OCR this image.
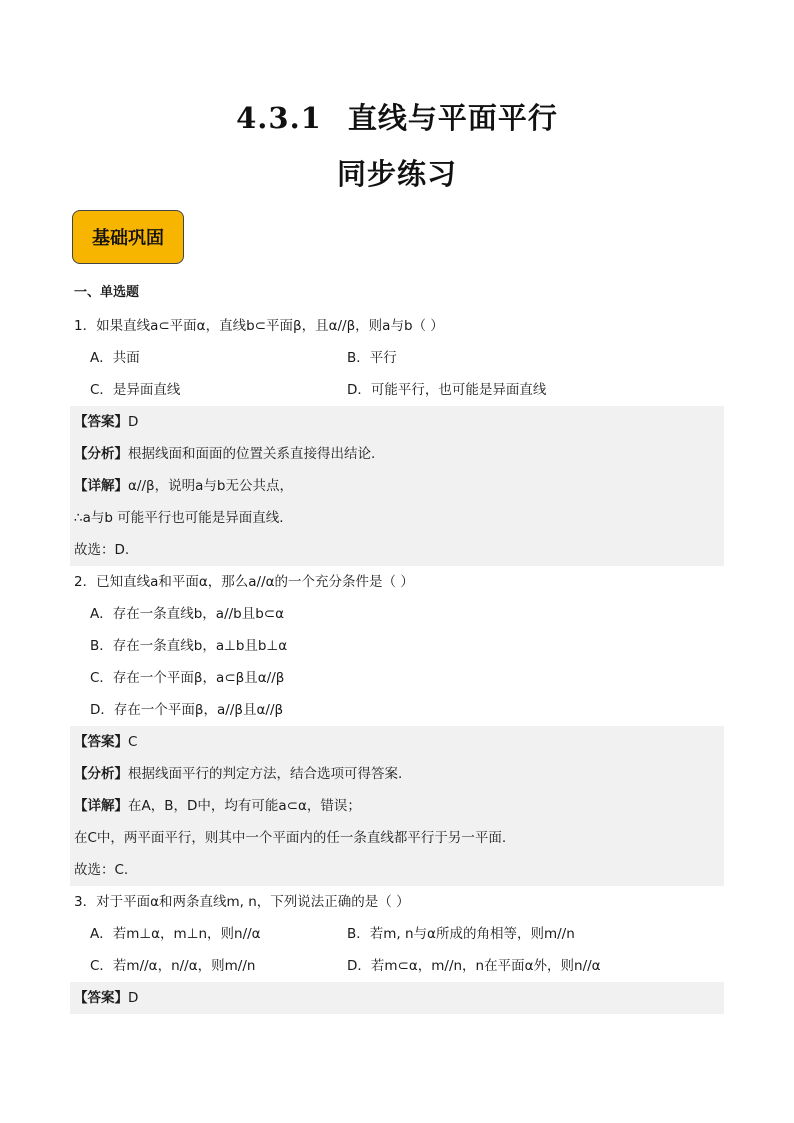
4.3.1 直线与平面平行
同步练习
基础巩固
一、单选题
1．如果直线a⊂平面α，直线b⊂平面β，且α//β，则a与b（ ）
A．共面	B．平行
C．是异面直线	D．可能平行，也可能是异面直线
【答案】D
【分析】根据线面和面面的位置关系直接得出结论.
【详解】α//β，说明a与b无公共点，
∴a与b 可能平行也可能是异面直线.
故选：D.
2．已知直线a和平面α，那么a//α的一个充分条件是（ ）
A．存在一条直线b，a//b且b⊂α
B．存在一条直线b，a⊥b且b⊥α
C．存在一个平面β，a⊂β且α//β
D．存在一个平面β，a//β且α//β
【答案】C
【分析】根据线面平行的判定方法，结合选项可得答案.
【详解】在A，B，D中，均有可能a⊂α，错误；
在C中，两平面平行，则其中一个平面内的任一条直线都平行于另一平面.
故选：C.
3．对于平面α和两条直线m, n，下列说法正确的是（ ）
A．若m⊥α，m⊥n，则n//α	B．若m, n与α所成的角相等，则m//n
C．若m//α，n//α，则m//n	D．若m⊂α，m//n，n在平面α外，则n//α
【答案】D
